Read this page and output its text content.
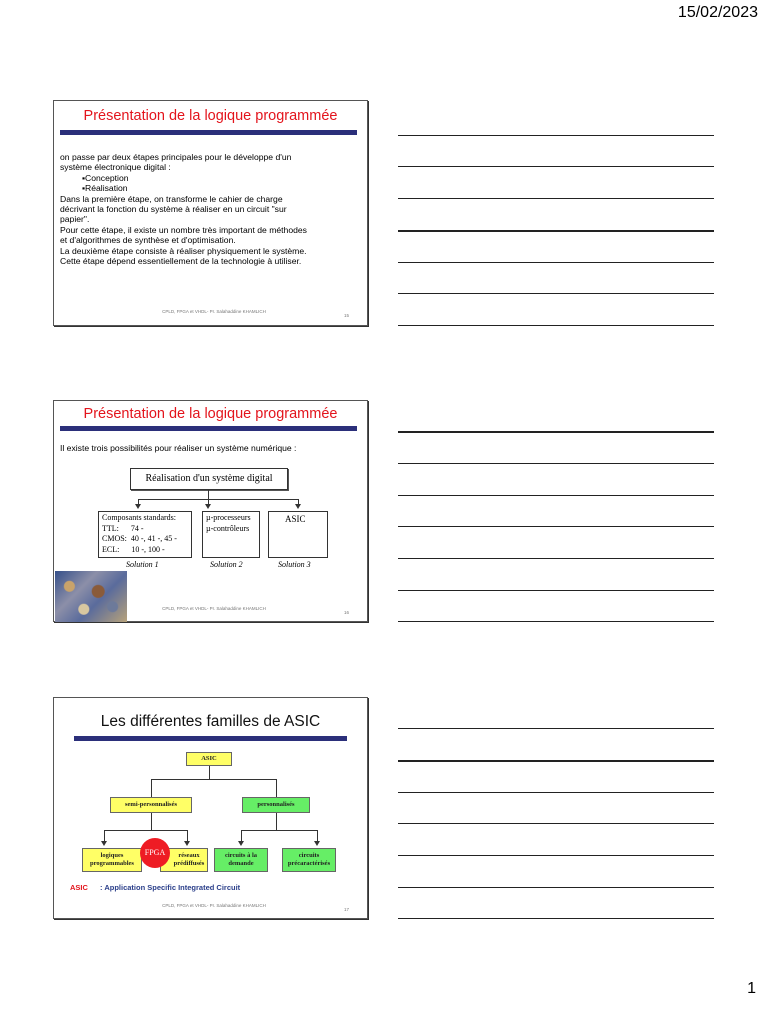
15/02/2023
Présentation de la logique programmée
on passe par deux étapes principales pour le développe d'un
système électronique digital :
▪Conception
▪Réalisation
Dans la première étape, on transforme le cahier de charge
décrivant la fonction du système à réaliser en un circuit "sur
papier".
Pour cette étape, il existe un nombre très important de méthodes
et d'algorithmes de synthèse et d'optimisation.
La deuxième étape consiste à réaliser physiquement le système.
Cette étape dépend essentiellement de la technologie à utiliser.
CPLD, FPGA et VHDL- Pr. Salahaddine KHAMLICH
15
Présentation de la logique programmée
Il existe trois possibilités pour réaliser un système numérique :
Réalisation d'un système digital
Composants standards:
TTL:      74 -
CMOS:  40 -, 41 -, 45 -
ECL:      10 -, 100 -
µ-processeurs
µ-contrôleurs
ASIC
Solution 1	Solution 2	Solution 3
CPLD, FPGA et VHDL- Pr. Salahaddine KHAMLICH
16
Les différentes familles de ASIC
ASIC
semi-personnalisés	personnalisés
logiques
programmables
réseaux
prédiffusés
FPGA	circuits à la
demande
circuits
précaractérisés
ASIC : Application Specific Integrated Circuit
CPLD, FPGA et VHDL- Pr. Salahaddine KHAMLICH
17
1
